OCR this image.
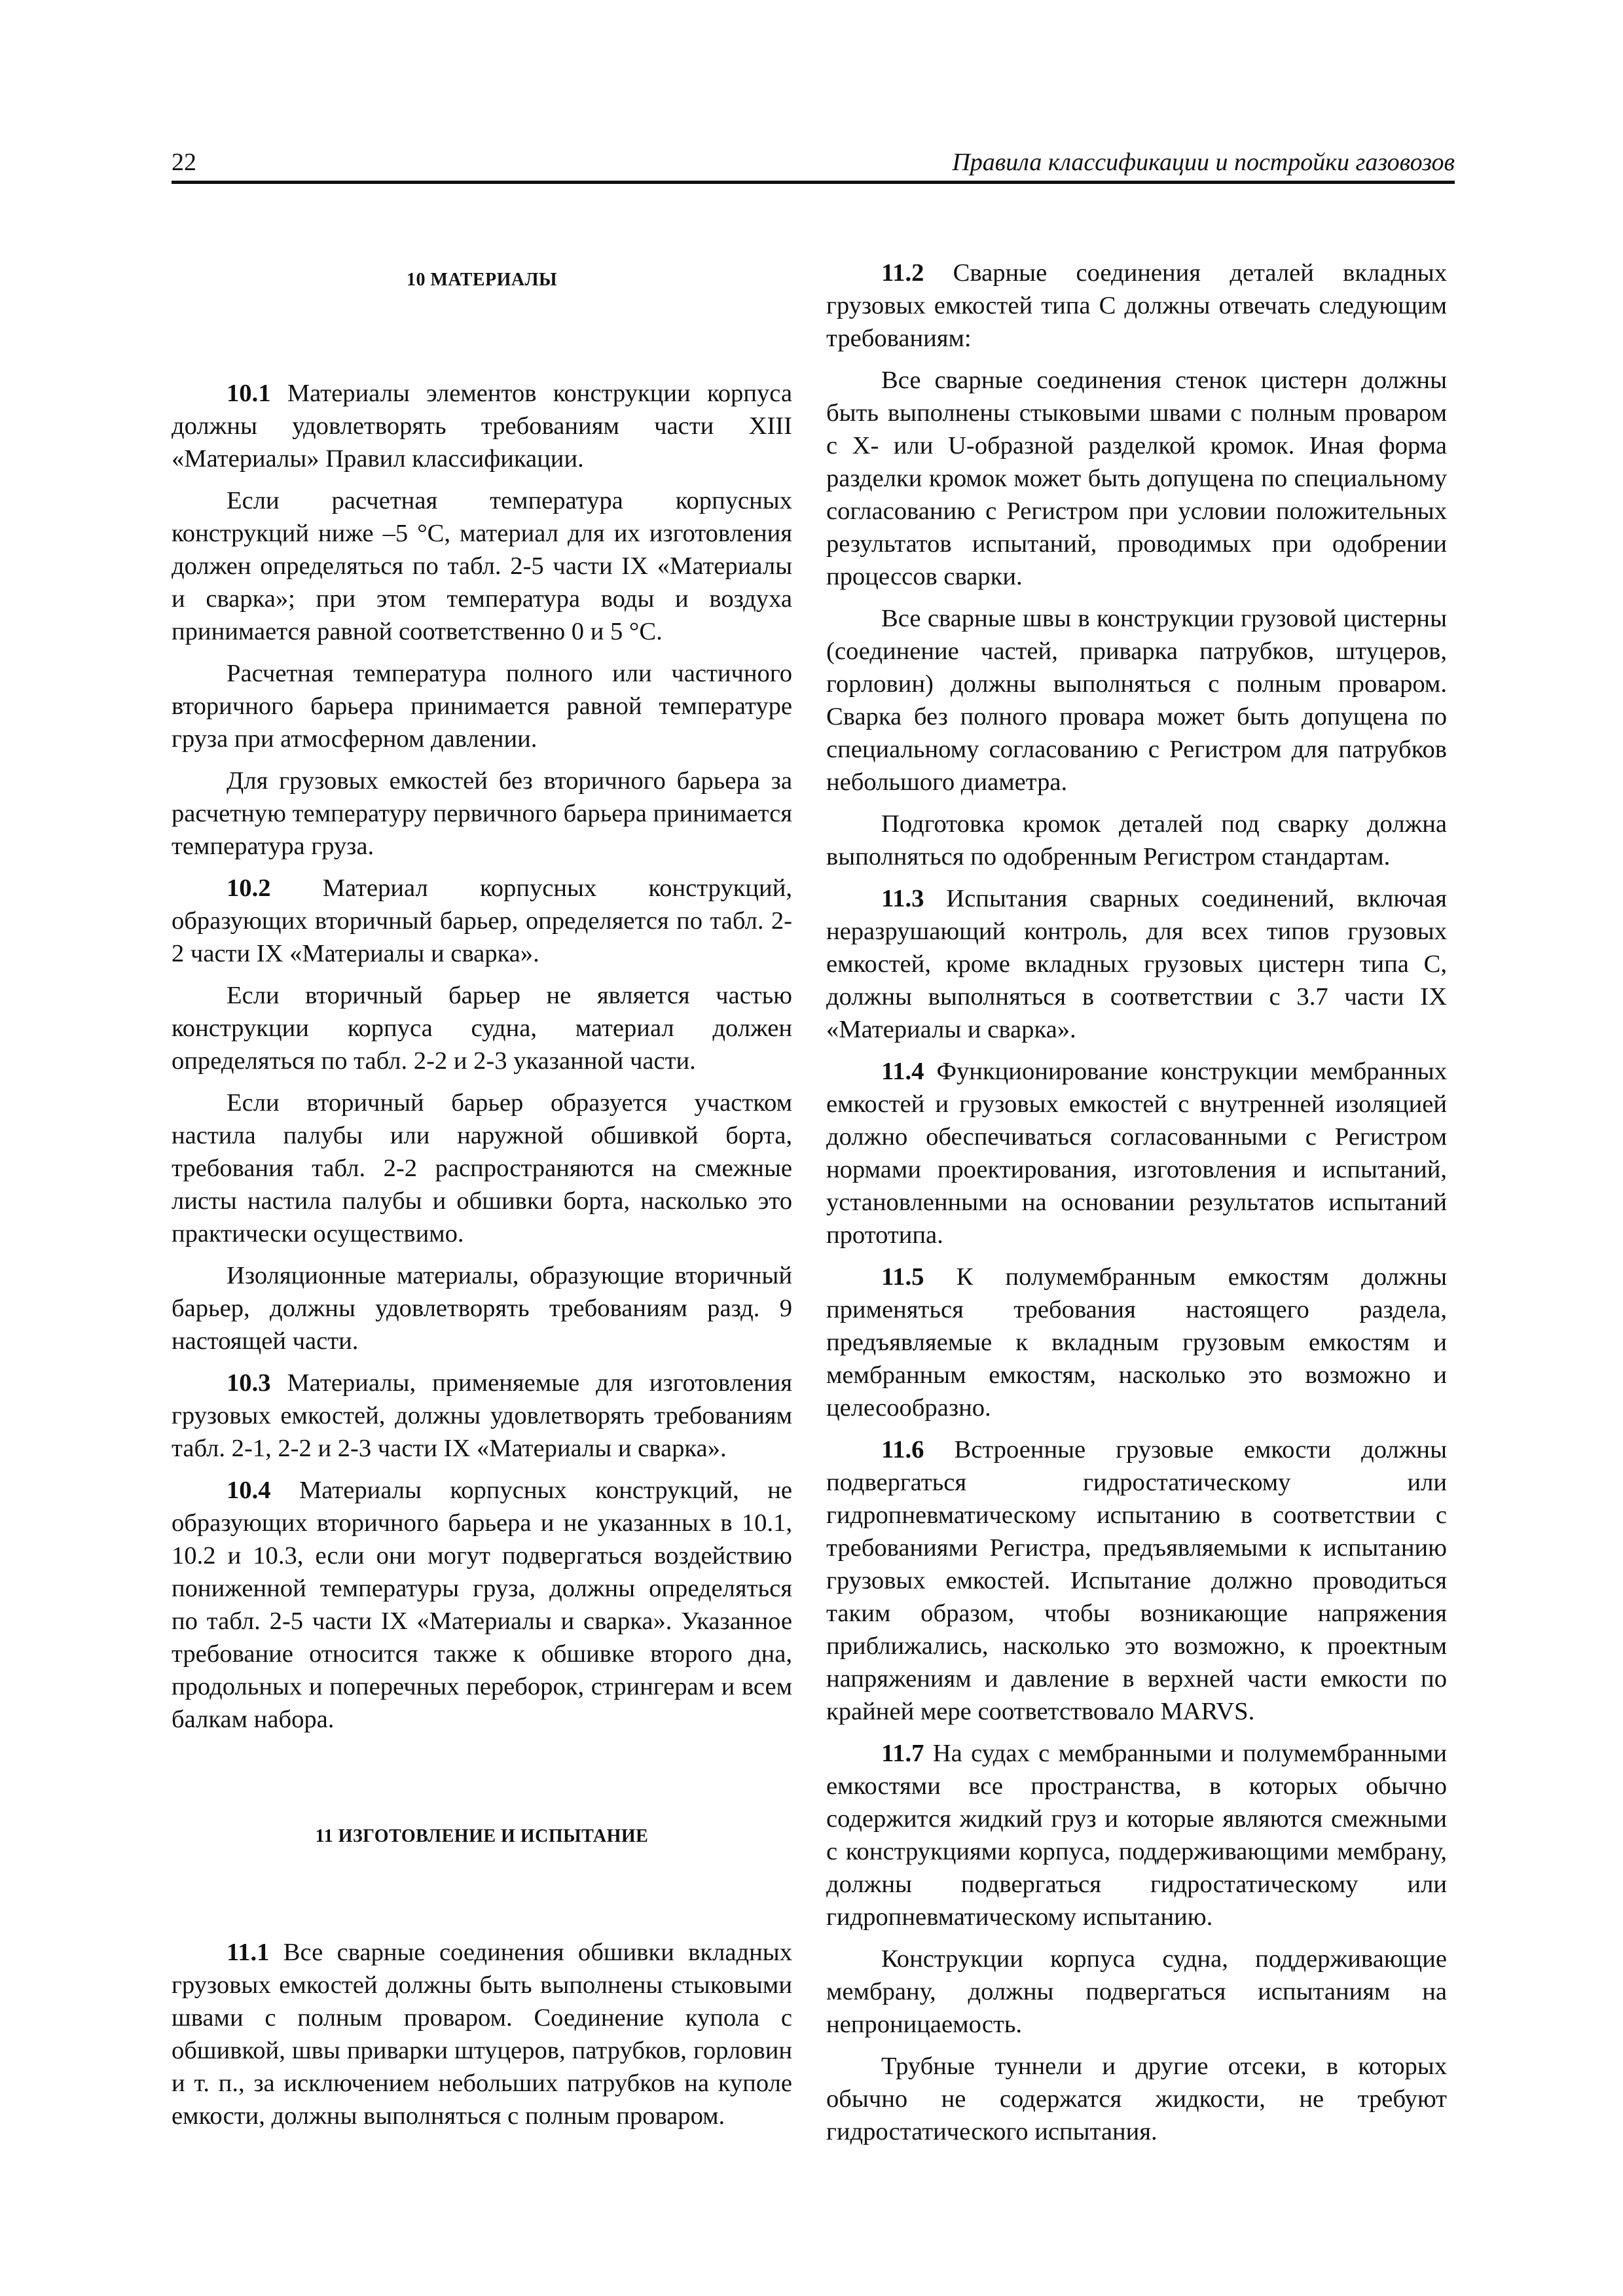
22	Правила классификации и постройки газовозов
10 МАТЕРИАЛЫ

10.1 Материалы элементов конструкции корпуса должны удовлетворять требованиям части XIII «Материалы» Правил классификации.

Если расчетная температура корпусных конструкций ниже –5 °С, материал для их изготовления должен определяться по табл. 2-5 части IX «Материалы и сварка»; при этом температура воды и воздуха принимается равной соответственно 0 и 5 °С.

Расчетная температура полного или частичного вторичного барьера принимается равной температуре груза при атмосферном давлении.

Для грузовых емкостей без вторичного барьера за расчетную температуру первичного барьера принимается температура груза.

10.2 Материал корпусных конструкций, образующих вторичный барьер, определяется по табл. 2-2 части IX «Материалы и сварка».

Если вторичный барьер не является частью конструкции корпуса судна, материал должен определяться по табл. 2-2 и 2-3 указанной части.

Если вторичный барьер образуется участком настила палубы или наружной обшивкой борта, требования табл. 2-2 распространяются на смежные листы настила палубы и обшивки борта, насколько это практически осуществимо.

Изоляционные материалы, образующие вторичный барьер, должны удовлетворять требованиям разд. 9 настоящей части.

10.3 Материалы, применяемые для изготовления грузовых емкостей, должны удовлетворять требованиям табл. 2-1, 2-2 и 2-3 части IX «Материалы и сварка».

10.4 Материалы корпусных конструкций, не образующих вторичного барьера и не указанных в 10.1, 10.2 и 10.3, если они могут подвергаться воздействию пониженной температуры груза, должны определяться по табл. 2-5 части IX «Материалы и сварка». Указанное требование относится также к обшивке второго дна, продольных и поперечных переборок, стрингерам и всем балкам набора.

11 ИЗГОТОВЛЕНИЕ И ИСПЫТАНИЕ

11.1 Все сварные соединения обшивки вкладных грузовых емкостей должны быть выполнены стыковыми швами с полным проваром. Соединение купола с обшивкой, швы приварки штуцеров, патрубков, горловин и т. п., за исключением небольших патрубков на куполе емкости, должны выполняться с полным проваром.

11.2 Сварные соединения деталей вкладных грузовых емкостей типа С должны отвечать следующим требованиям:

Все сварные соединения стенок цистерн должны быть выполнены стыковыми швами с полным проваром с Х- или U-образной разделкой кромок. Иная форма разделки кромок может быть допущена по специальному согласованию с Регистром при условии положительных результатов испытаний, проводимых при одобрении процессов сварки.

Все сварные швы в конструкции грузовой цистерны (соединение частей, приварка патрубков, штуцеров, горловин) должны выполняться с полным проваром. Сварка без полного провара может быть допущена по специальному согласованию с Регистром для патрубков небольшого диаметра.

Подготовка кромок деталей под сварку должна выполняться по одобренным Регистром стандартам.

11.3 Испытания сварных соединений, включая неразрушающий контроль, для всех типов грузовых емкостей, кроме вкладных грузовых цистерн типа С, должны выполняться в соответствии с 3.7 части IX «Материалы и сварка».

11.4 Функционирование конструкции мембранных емкостей и грузовых емкостей с внутренней изоляцией должно обеспечиваться согласованными с Регистром нормами проектирования, изготовления и испытаний, установленными на основании результатов испытаний прототипа.

11.5 К полумембранным емкостям должны применяться требования настоящего раздела, предъявляемые к вкладным грузовым емкостям и мембранным емкостям, насколько это возможно и целесообразно.

11.6 Встроенные грузовые емкости должны подвергаться гидростатическому или гидропневматическому испытанию в соответствии с требованиями Регистра, предъявляемыми к испытанию грузовых емкостей. Испытание должно проводиться таким образом, чтобы возникающие напряжения приближались, насколько это возможно, к проектным напряжениям и давление в верхней части емкости по крайней мере соответствовало MARVS.

11.7 На судах с мембранными и полумембранными емкостями все пространства, в которых обычно содержится жидкий груз и которые являются смежными с конструкциями корпуса, поддерживающими мембрану, должны подвергаться гидростатическому или гидропневматическому испытанию.

Конструкции корпуса судна, поддерживающие мембрану, должны подвергаться испытаниям на непроницаемость.

Трубные туннели и другие отсеки, в которых обычно не содержатся жидкости, не требуют гидростатического испытания.
